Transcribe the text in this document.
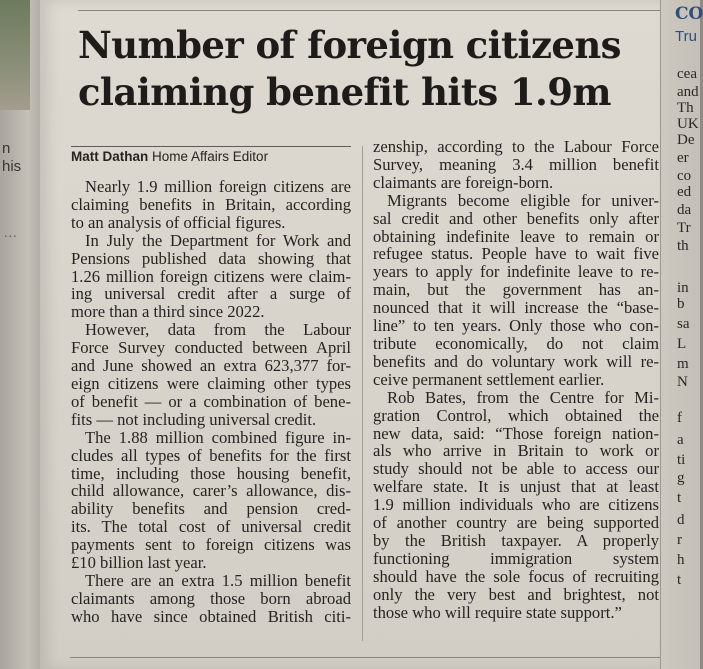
n
his
...
Number of foreign citizens
claiming benefit hits 1.9m
Matt Dathan Home Affairs Editor
Nearly 1.9 million foreign citizens are
claiming benefits in Britain, according
to an analysis of official figures.
In July the Department for Work and
Pensions published data showing that
1.26 million foreign citizens were claim-
ing universal credit after a surge of
more than a third since 2022.
However, data from the Labour
Force Survey conducted between April
and June showed an extra 623,377 for-
eign citizens were claiming other types
of benefit — or a combination of bene-
fits — not including universal credit.
The 1.88 million combined figure in-
cludes all types of benefits for the first
time, including those housing benefit,
child allowance, carer’s allowance, dis-
ability benefits and pension cred-
its. The total cost of universal credit
payments sent to foreign citizens was
£10 billion last year.
There are an extra 1.5 million benefit
claimants among those born abroad
who have since obtained British citi-
zenship, according to the Labour Force
Survey, meaning 3.4 million benefit
claimants are foreign-born.
Migrants become eligible for univer-
sal credit and other benefits only after
obtaining indefinite leave to remain or
refugee status. People have to wait five
years to apply for indefinite leave to re-
main, but the government has an-
nounced that it will increase the “base-
line” to ten years. Only those who con-
tribute economically, do not claim
benefits and do voluntary work will re-
ceive permanent settlement earlier.
Rob Bates, from the Centre for Mi-
gration Control, which obtained the
new data, said: “Those foreign nation-
als who arrive in Britain to work or
study should not be able to access our
welfare state. It is unjust that at least
1.9 million individuals who are citizens
of another country are being supported
by the British taxpayer. A properly
functioning immigration system
should have the sole focus of recruiting
only the very best and brightest, not
those who will require state support.”
CO
Tru
cea
and
Th
UK
De
er
co
ed
da
Tr
th
in
b
sa
L
m
N
f
a
ti
g
t
d
r
h
t
